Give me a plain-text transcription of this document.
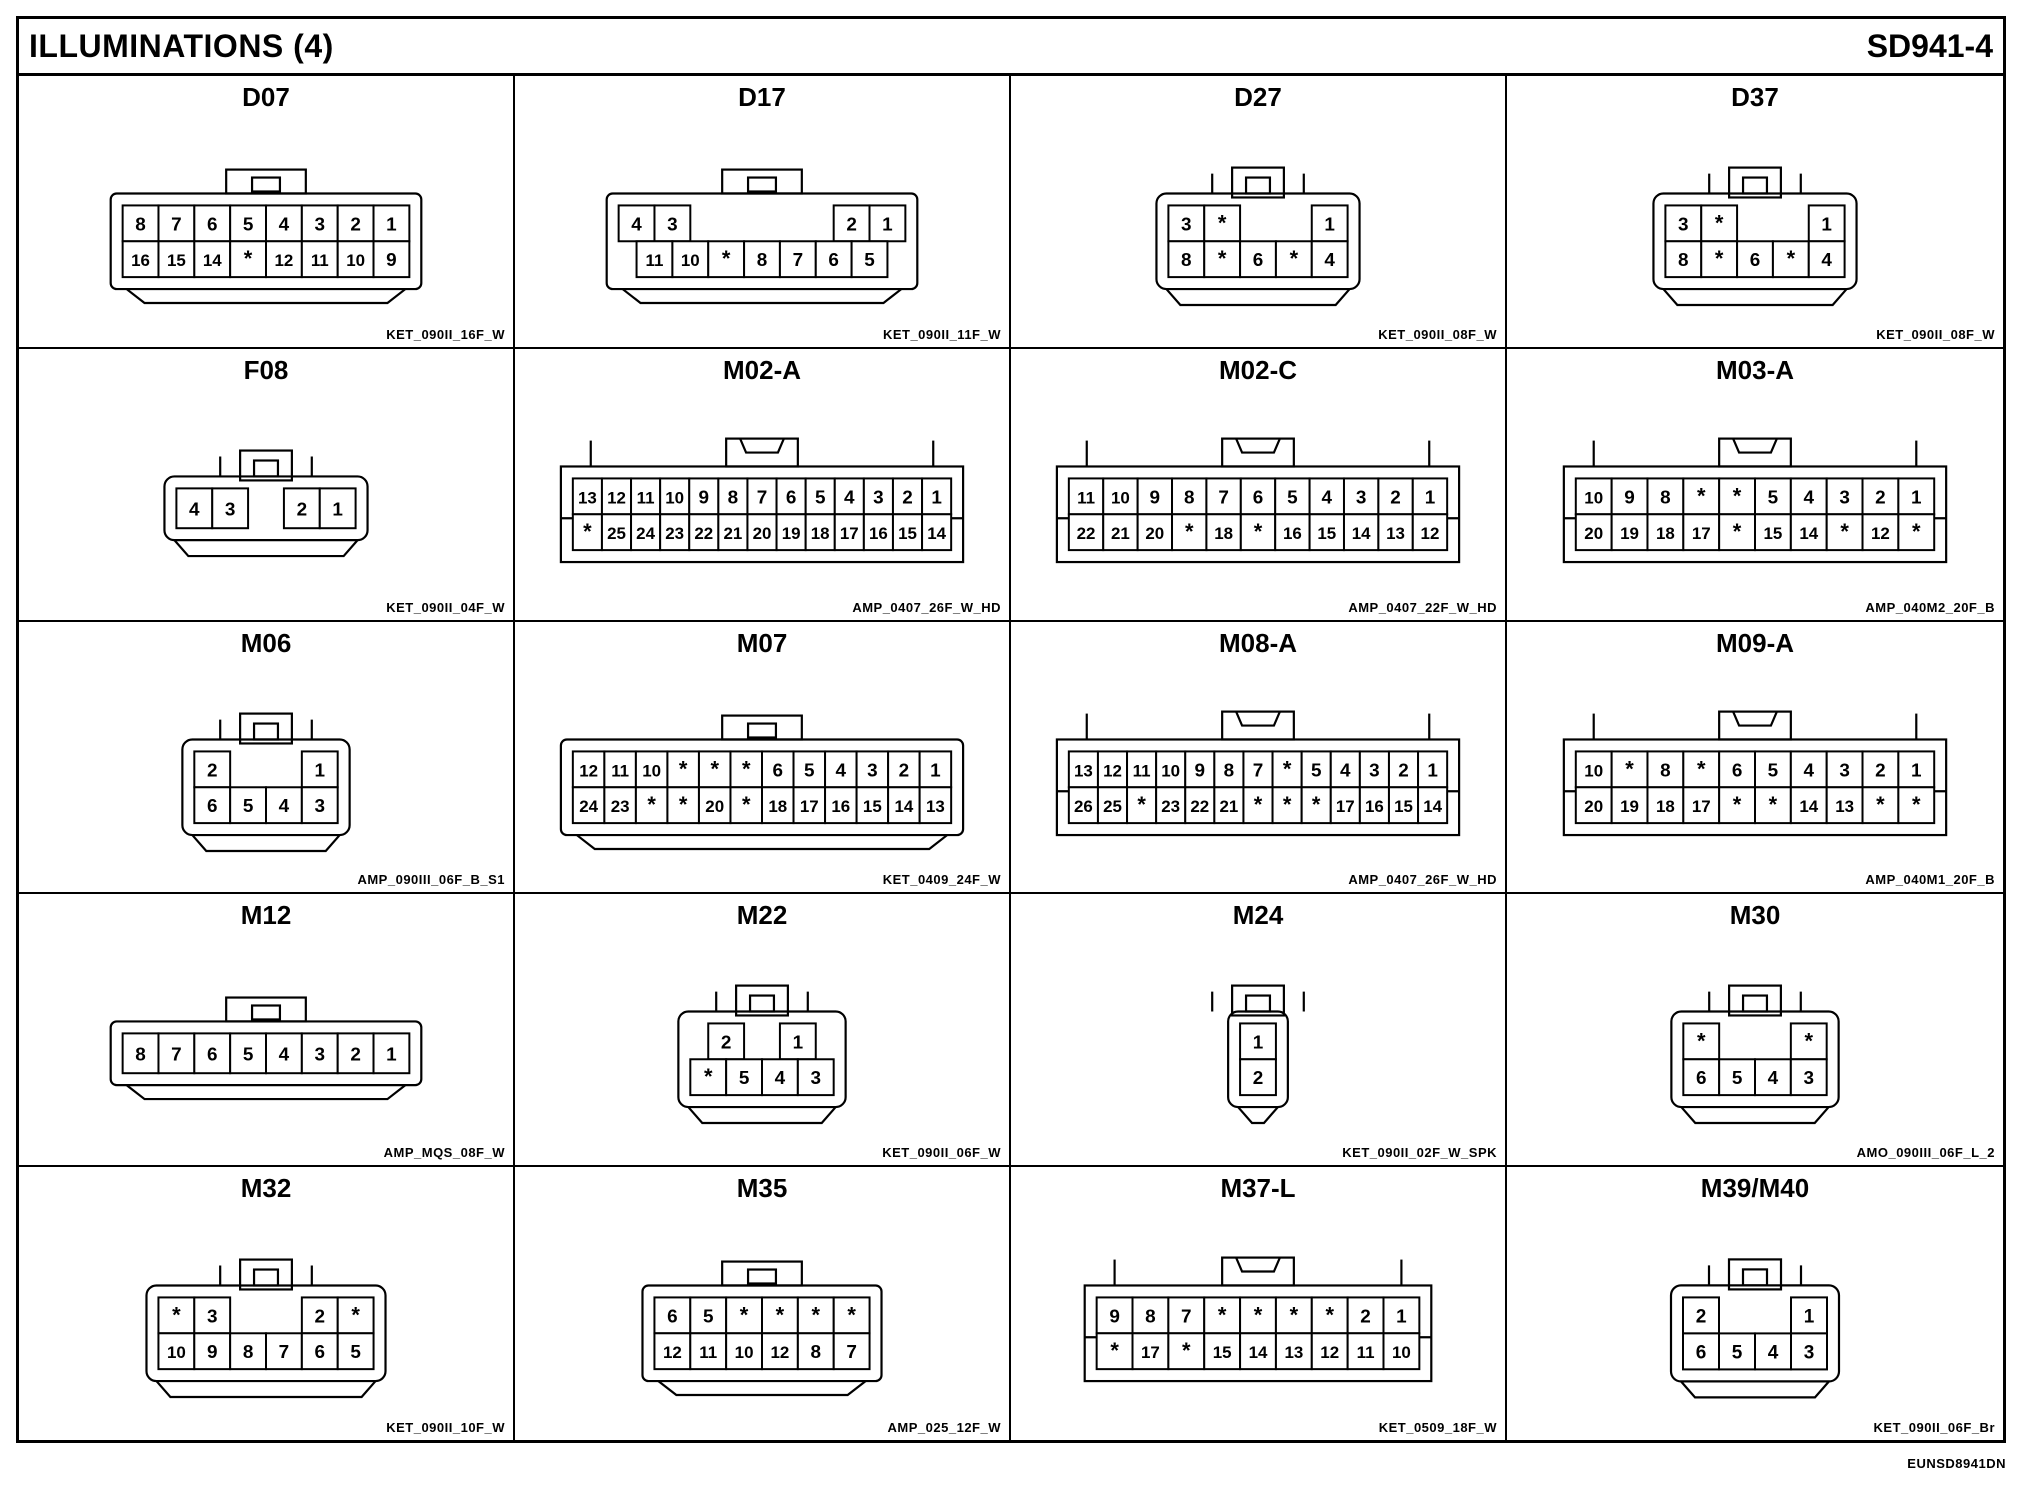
ILLUMINATIONS (4)	SD941-4
8 7 6 5 4 3 2 1
16 15 14 * 12 11 10 9
D07
KET_090II_16F_W
4 3	2 1
11 10 * 8 7 6 5
D17
KET_090II_11F_W
3 *	1
8 * 6 * 4
D27
KET_090II_08F_W
3 *	1
8 * 6 * 4
D37
KET_090II_08F_W
4 3	2 1
F08
KET_090II_04F_W
13 12 11 10 9 8 7 6 5 4 3 2 1
* 25 24 23 22 21 20 19 18 17 16 15 14
M02-A
AMP_0407_26F_W_HD
11 10 9 8 7 6 5 4 3 2 1
22 21 20 * 18 * 16 15 14 13 12
M02-C
AMP_0407_22F_W_HD
10 9 8 * * 5 4 3 2 1
20 19 18 17 * 15 14 * 12 *
M03-A
AMP_040M2_20F_B
2	1
6 5 4 3
M06
AMP_090III_06F_B_S1
12 11 10 * * * 6 5 4 3 2 1
24 23 * * 20 * 18 17 16 15 14 13
M07
KET_0409_24F_W
13 12 11 10 9 8 7 * 5 4 3 2 1
26 25 * 23 22 21 * * * 17 16 15 14
M08-A
AMP_0407_26F_W_HD
10 * 8 * 6 5 4 3 2 1
20 19 18 17 * * 14 13 * *
M09-A
AMP_040M1_20F_B
8 7 6 5 4 3 2 1
M12
AMP_MQS_08F_W
2	1
* 5 4 3
M22
KET_090II_06F_W
1
2
M24
KET_090II_02F_W_SPK
*	*
6 5 4 3
M30
AMO_090III_06F_L_2
* 3	2 *
10 9 8 7 6 5
M32
KET_090II_10F_W
6 5 * * * *
12 11 10 12 8 7
M35
AMP_025_12F_W
9 8 7 * * * * 2 1
* 17 * 15 14 13 12 11 10
M37-L
KET_0509_18F_W
2	1
6 5 4 3
M39/M40
KET_090II_06F_Br
EUNSD8941DN
